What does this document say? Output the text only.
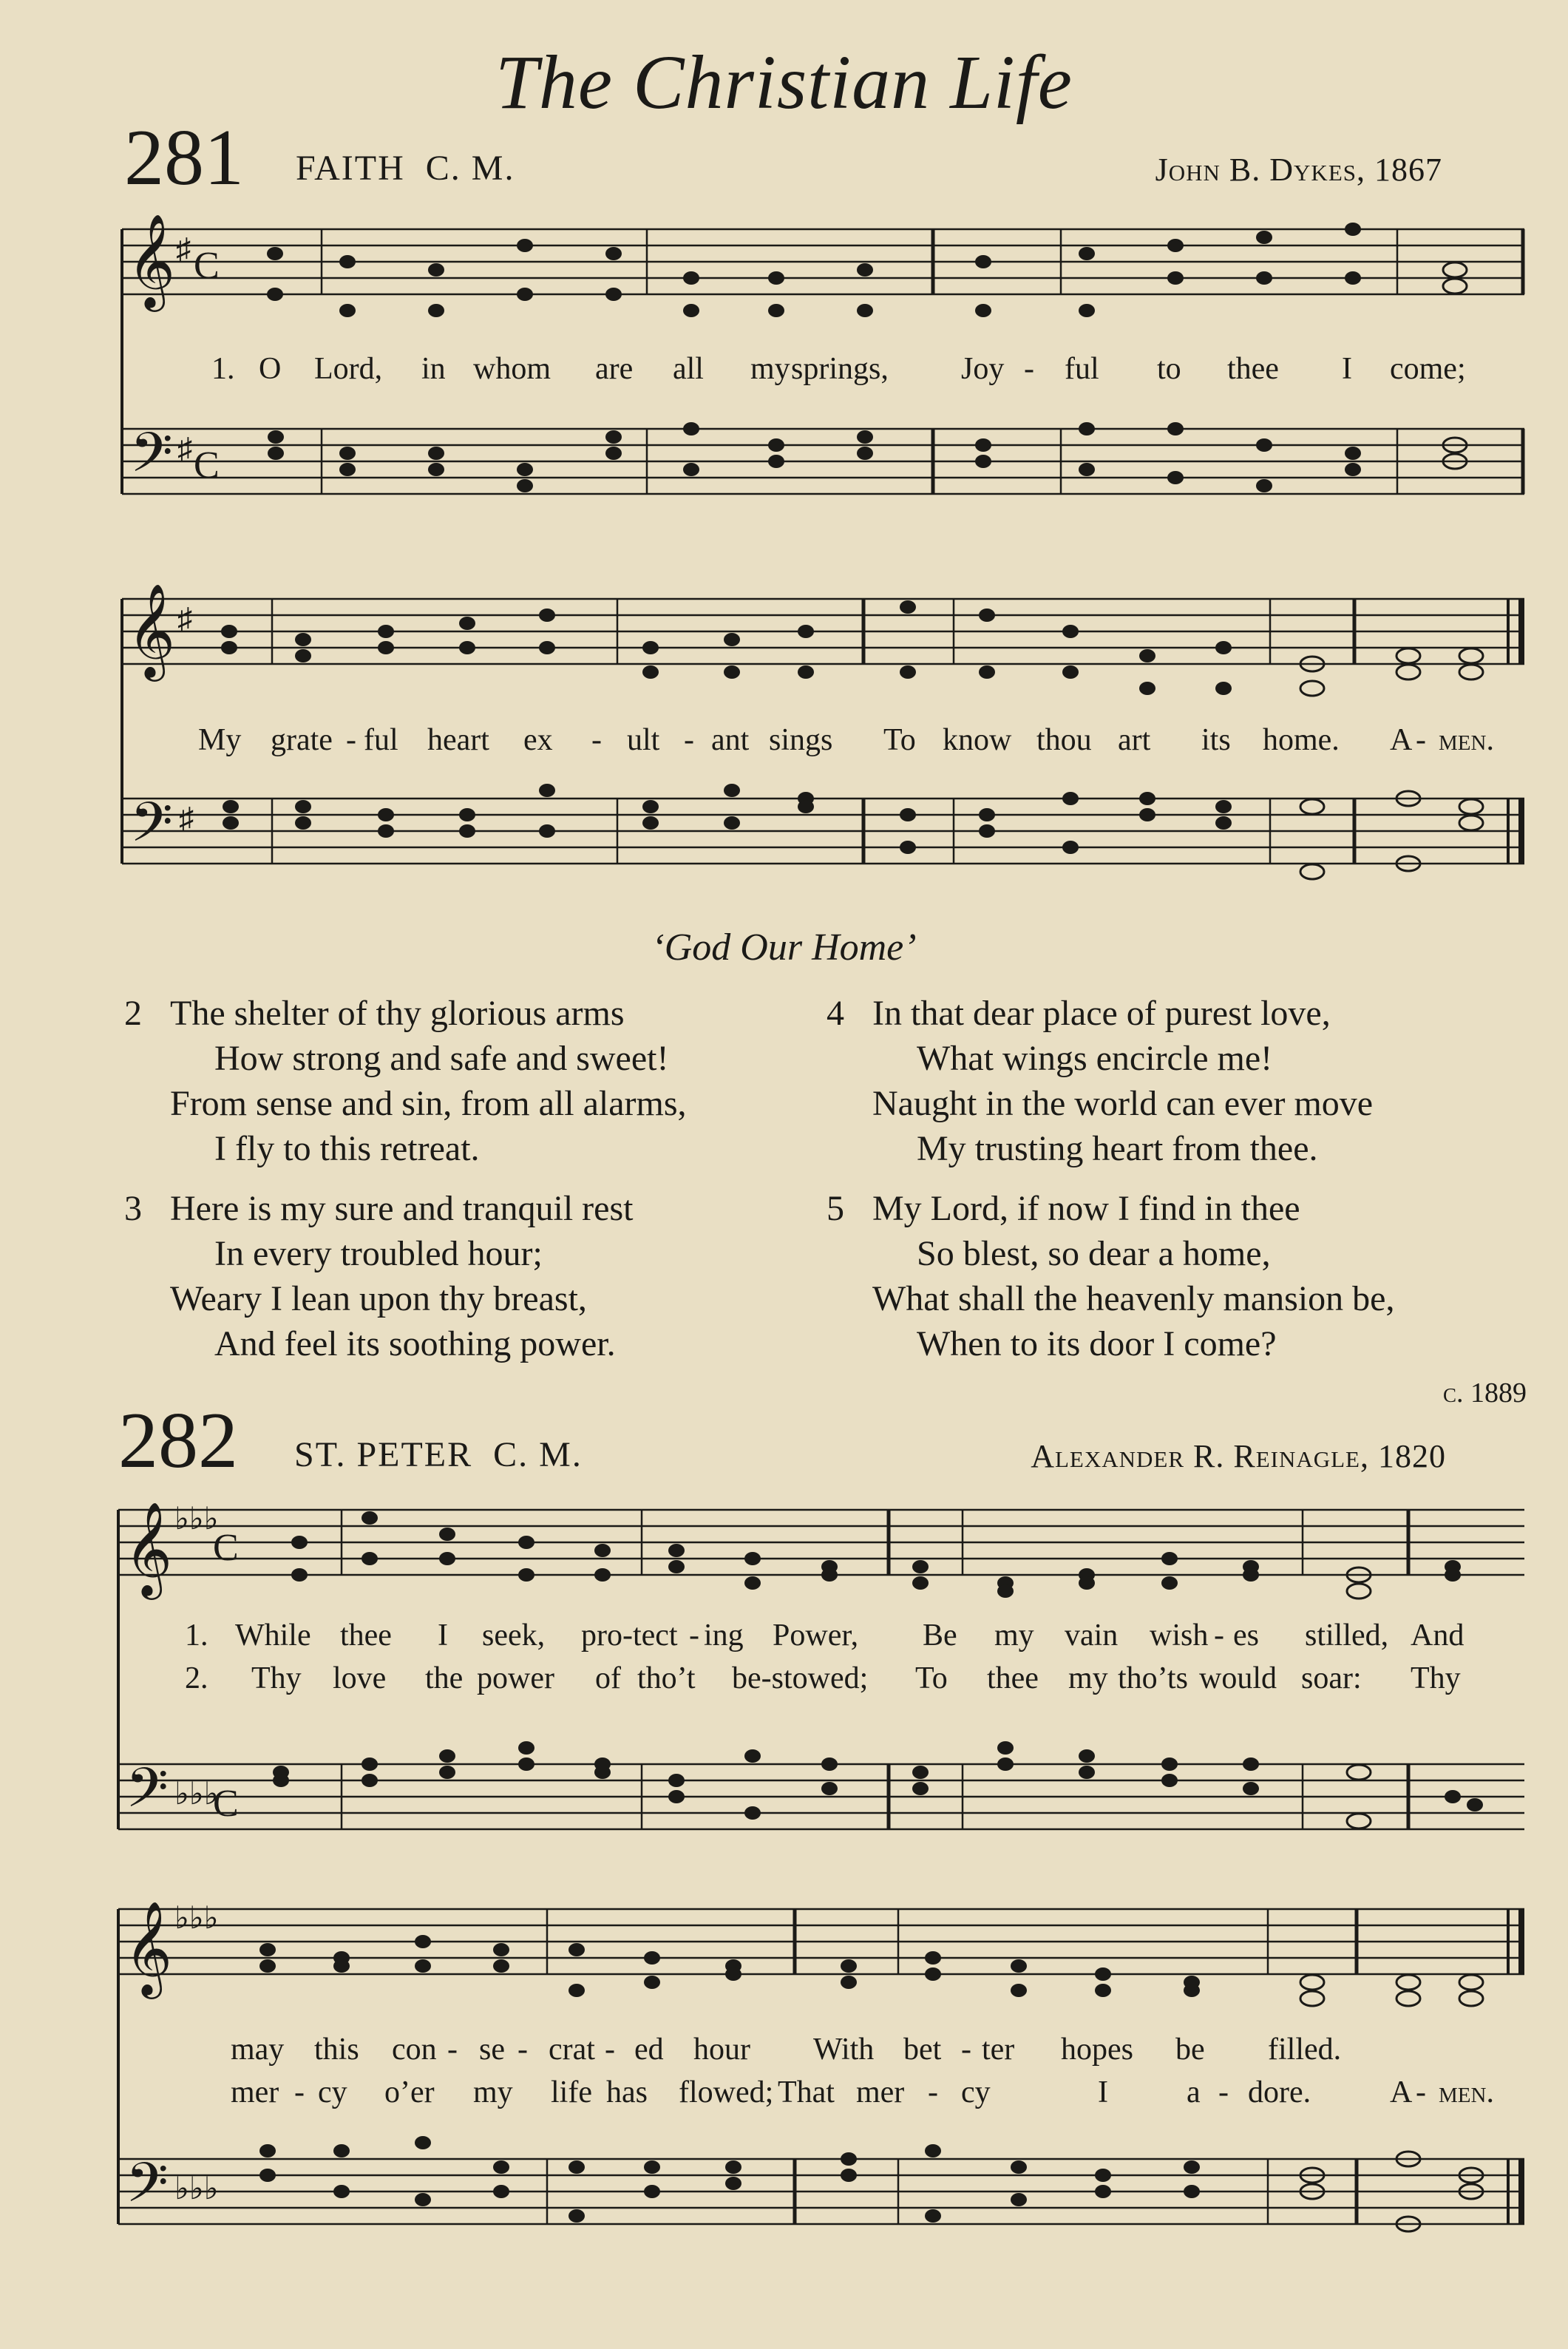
The Christian Life
281 FAITH C. M.	John B. Dykes, 1867
𝄞
𝄢
♯
♯
C
C
1. O Lord, in whom are all my springs, Joy - ful to thee I come;
𝄞
𝄢
♯
♯
My grate - ful heart ex - ult - ant sings To know thou art its home. A - men.
‘God Our Home’
2 The shelter of thy glorious arms
How strong and safe and sweet!
From sense and sin, from all alarms,
I fly to this retreat.
3 Here is my sure and tranquil rest
In every troubled hour;
Weary I lean upon thy breast,
And feel its soothing power.
4 In that dear place of purest love,
What wings encircle me!
Naught in the world can ever move
My trusting heart from thee.
5 My Lord, if now I find in thee
So blest, so dear a home,
What shall the heavenly mansion be,
When to its door I come?
c. 1889
282 ST. PETER C. M.	Alexander R. Reinagle, 1820
𝄞
𝄢
♭♭♭
♭♭♭
C
C
1. While thee I seek, pro-tect - ing Power, Be my vain wish - es stilled, And
2. Thy love the power of tho’t be-stowed; To thee my tho’ts would soar: Thy
𝄞
𝄢
♭♭♭
♭♭♭
may this con - se - crat - ed hour With bet - ter hopes be filled.
mer - cy o’er my life has flowed; That mer - cy	I	a - dore.	A - men.
